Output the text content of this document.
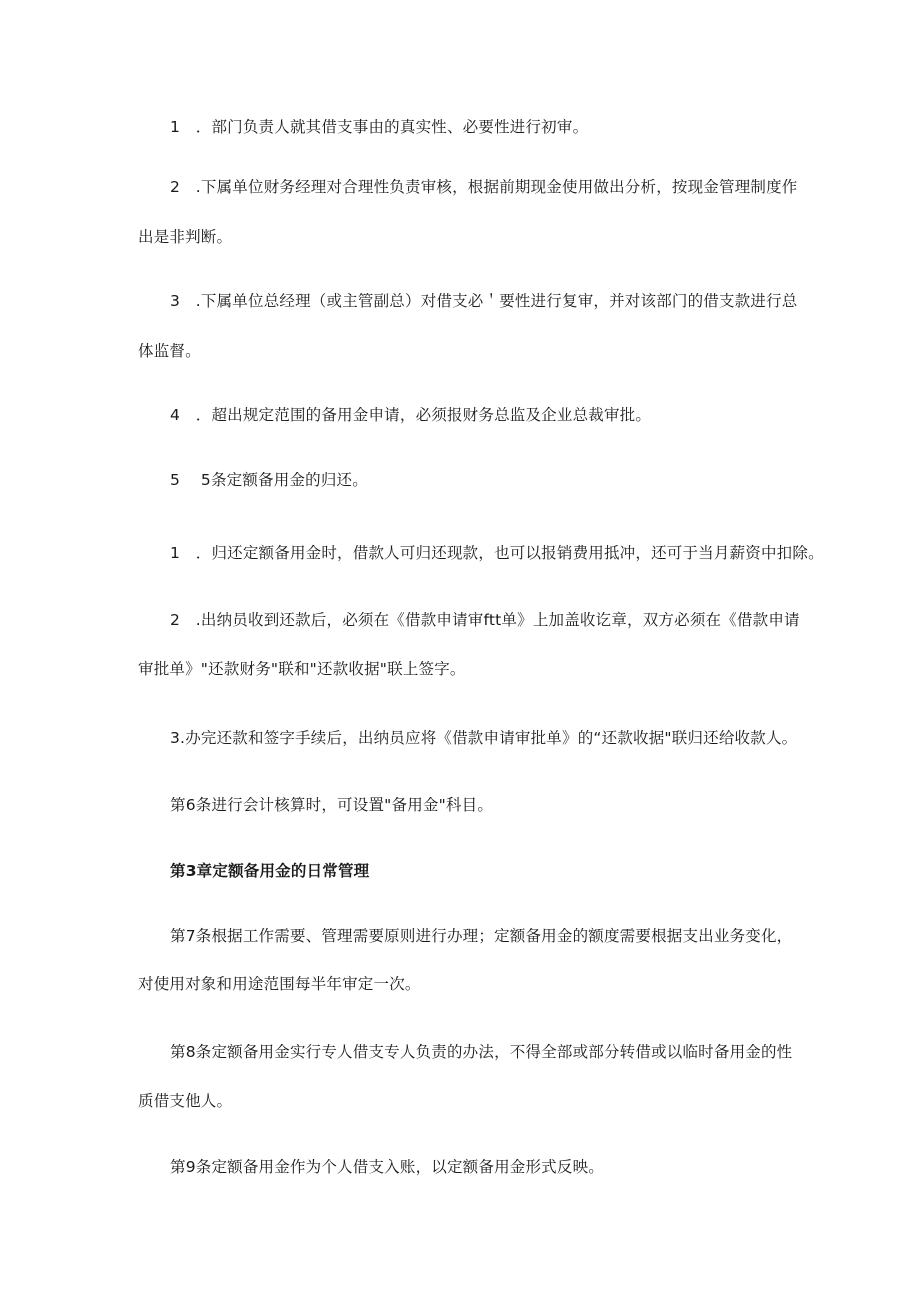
1　．部门负责人就其借支事由的真实性、必要性进行初审。
2　.下属单位财务经理对合理性负责审核，根据前期现金使用做出分析，按现金管理制度作
出是非判断。
3　.下属单位总经理（或主管副总）对借支必＇要性进行复审，并对该部门的借支款进行总
体监督。
4　．超出规定范围的备用金申请，必须报财务总监及企业总裁审批。
5　 5条定额备用金的归还。
1　．归还定额备用金时，借款人可归还现款，也可以报销费用抵冲，还可于当月薪资中扣除。
2　.出纳员收到还款后，必须在《借款申请审ftt单》上加盖收讫章，双方必须在《借款申请
审批单》"还款财务"联和"还款收据"联上签字。
3.办完还款和签字手续后，出纳员应将《借款申请审批单》的“还款收据"联归还给收款人。
第6条进行会计核算时，可设置"备用金"科目。
第3章定额备用金的日常管理
第7条根据工作需要、管理需要原则进行办理；定额备用金的额度需要根据支出业务变化，
对使用对象和用途范围每半年审定一次。
第8条定额备用金实行专人借支专人负责的办法，不得全部或部分转借或以临时备用金的性
质借支他人。
第9条定额备用金作为个人借支入账，以定额备用金形式反映。
